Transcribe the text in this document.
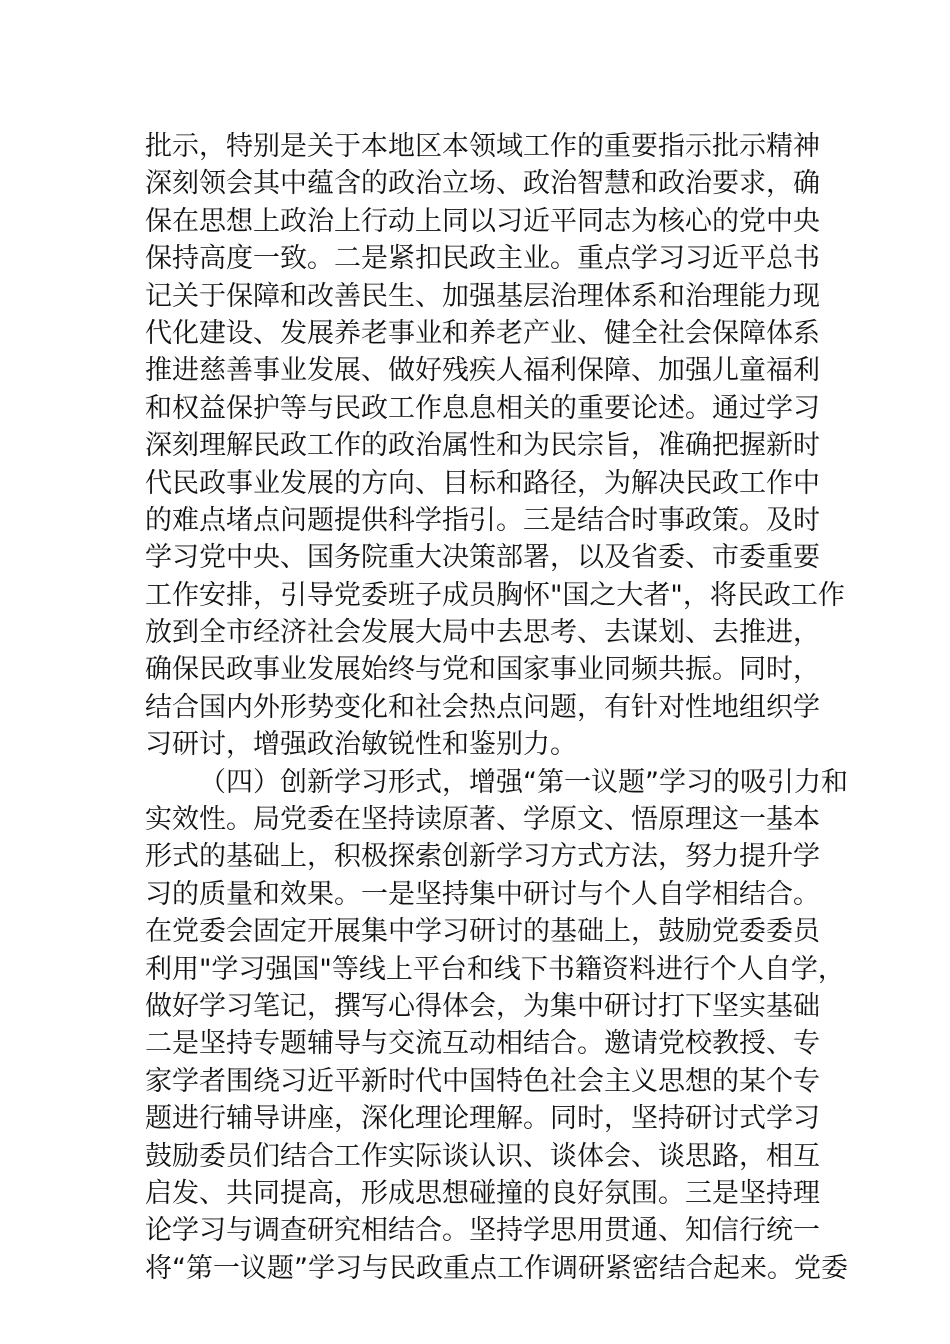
批示，特别是关于本地区本领域工作的重要指示批示精神
深刻领会其中蕴含的政治立场、政治智慧和政治要求，确
保在思想上政治上行动上同以习近平同志为核心的党中央
保持高度一致。二是紧扣民政主业。重点学习习近平总书
记关于保障和改善民生、加强基层治理体系和治理能力现
代化建设、发展养老事业和养老产业、健全社会保障体系
推进慈善事业发展、做好残疾人福利保障、加强儿童福利
和权益保护等与民政工作息息相关的重要论述。通过学习
深刻理解民政工作的政治属性和为民宗旨，准确把握新时
代民政事业发展的方向、目标和路径，为解决民政工作中
的难点堵点问题提供科学指引。三是结合时事政策。及时
学习党中央、国务院重大决策部署，以及省委、市委重要
工作安排，引导党委班子成员胸怀"国之大者"，将民政工作
放到全市经济社会发展大局中去思考、去谋划、去推进，
确保民政事业发展始终与党和国家事业同频共振。同时，
结合国内外形势变化和社会热点问题，有针对性地组织学
习研讨，增强政治敏锐性和鉴别力。
（四）创新学习形式，增强“第一议题”学习的吸引力和
实效性。局党委在坚持读原著、学原文、悟原理这一基本
形式的基础上，积极探索创新学习方式方法，努力提升学
习的质量和效果。一是坚持集中研讨与个人自学相结合。
在党委会固定开展集中学习研讨的基础上，鼓励党委委员
利用"学习强国"等线上平台和线下书籍资料进行个人自学，
做好学习笔记，撰写心得体会，为集中研讨打下坚实基础
二是坚持专题辅导与交流互动相结合。邀请党校教授、专
家学者围绕习近平新时代中国特色社会主义思想的某个专
题进行辅导讲座，深化理论理解。同时，坚持研讨式学习
鼓励委员们结合工作实际谈认识、谈体会、谈思路，相互
启发、共同提高，形成思想碰撞的良好氛围。三是坚持理
论学习与调查研究相结合。坚持学思用贯通、知信行统一
将“第一议题”学习与民政重点工作调研紧密结合起来。党委
